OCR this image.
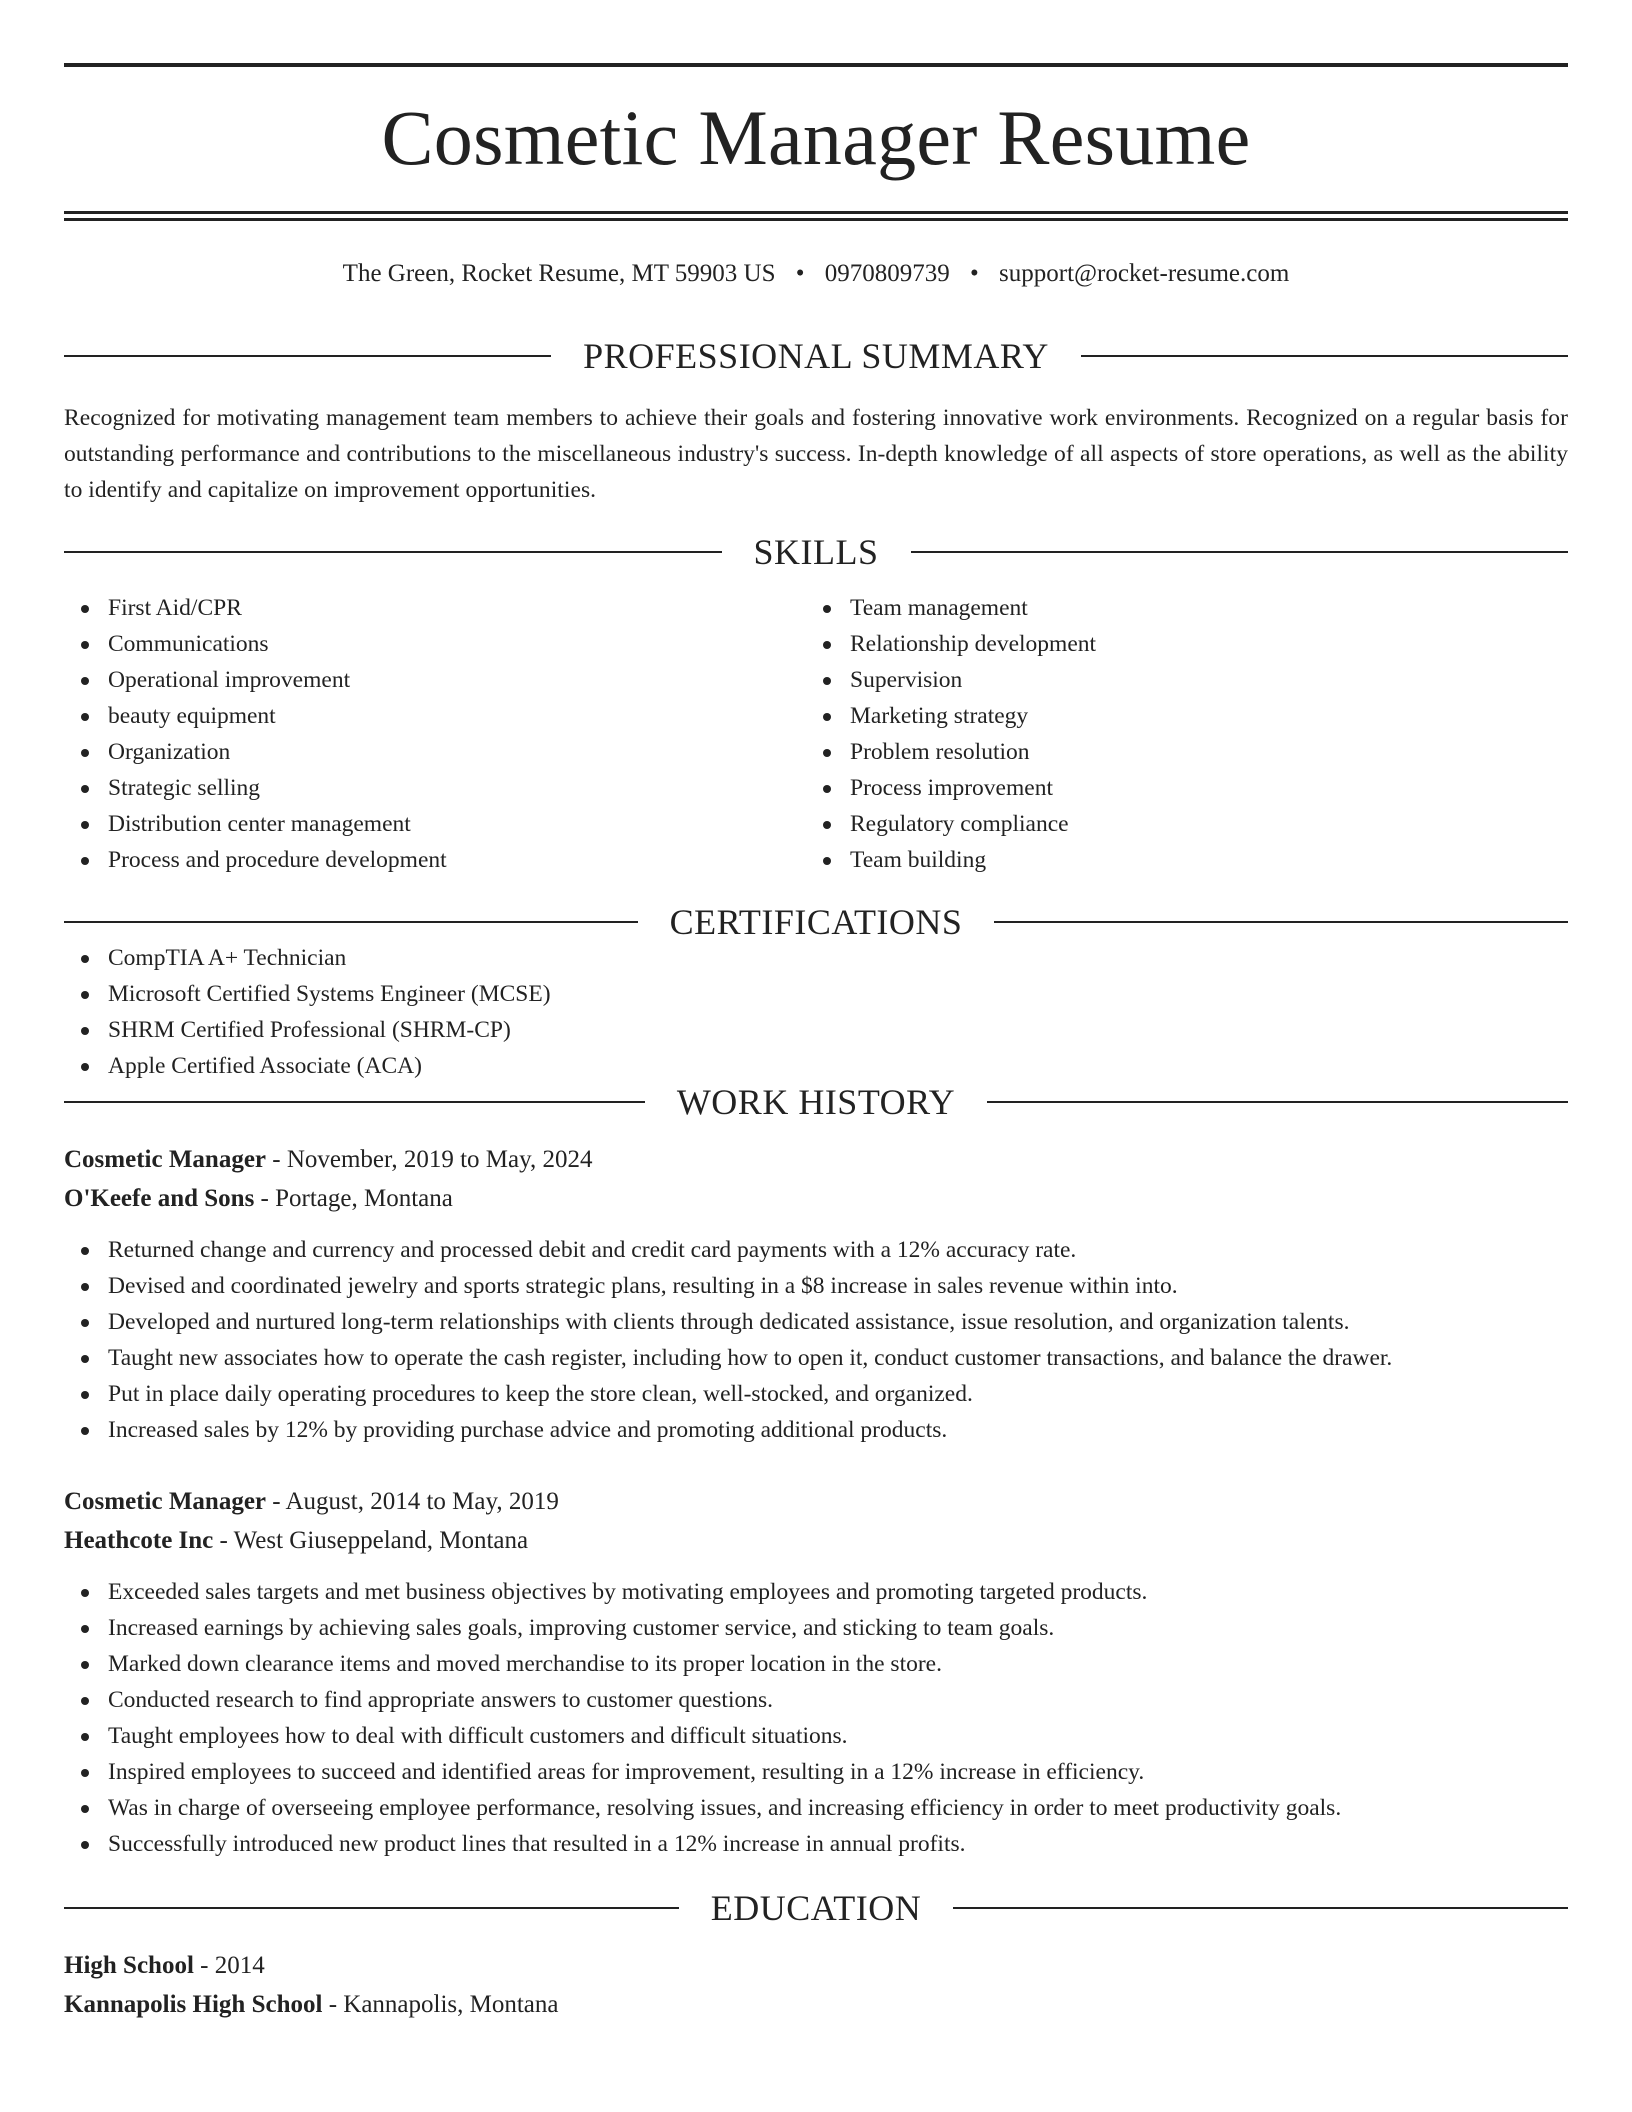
Cosmetic Manager Resume
The Green, Rocket Resume, MT 59903 US • 0970809739 • support@rocket-resume.com
PROFESSIONAL SUMMARY

Recognized for motivating management team members to achieve their goals and fostering innovative work environments. Recognized on a regular basis for outstanding performance and contributions to the miscellaneous industry's success. In-depth knowledge of all aspects of store operations, as well as the ability to identify and capitalize on improvement opportunities.

SKILLS
First Aid/CPR
Communications
Operational improvement
beauty equipment
Organization
Strategic selling
Distribution center management
Process and procedure development
Team management
Relationship development
Supervision
Marketing strategy
Problem resolution
Process improvement
Regulatory compliance
Team building
CERTIFICATIONS
CompTIA A+ Technician
Microsoft Certified Systems Engineer (MCSE)
SHRM Certified Professional (SHRM-CP)
Apple Certified Associate (ACA)
WORK HISTORY
Cosmetic Manager - November, 2019 to May, 2024
O'Keefe and Sons - Portage, Montana
Returned change and currency and processed debit and credit card payments with a 12% accuracy rate.
Devised and coordinated jewelry and sports strategic plans, resulting in a $8 increase in sales revenue within into.
Developed and nurtured long-term relationships with clients through dedicated assistance, issue resolution, and organization talents.
Taught new associates how to operate the cash register, including how to open it, conduct customer transactions, and balance the drawer.
Put in place daily operating procedures to keep the store clean, well-stocked, and organized.
Increased sales by 12% by providing purchase advice and promoting additional products.
Cosmetic Manager - August, 2014 to May, 2019
Heathcote Inc - West Giuseppeland, Montana
Exceeded sales targets and met business objectives by motivating employees and promoting targeted products.
Increased earnings by achieving sales goals, improving customer service, and sticking to team goals.
Marked down clearance items and moved merchandise to its proper location in the store.
Conducted research to find appropriate answers to customer questions.
Taught employees how to deal with difficult customers and difficult situations.
Inspired employees to succeed and identified areas for improvement, resulting in a 12% increase in efficiency.
Was in charge of overseeing employee performance, resolving issues, and increasing efficiency in order to meet productivity goals.
Successfully introduced new product lines that resulted in a 12% increase in annual profits.
EDUCATION
High School - 2014
Kannapolis High School - Kannapolis, Montana
